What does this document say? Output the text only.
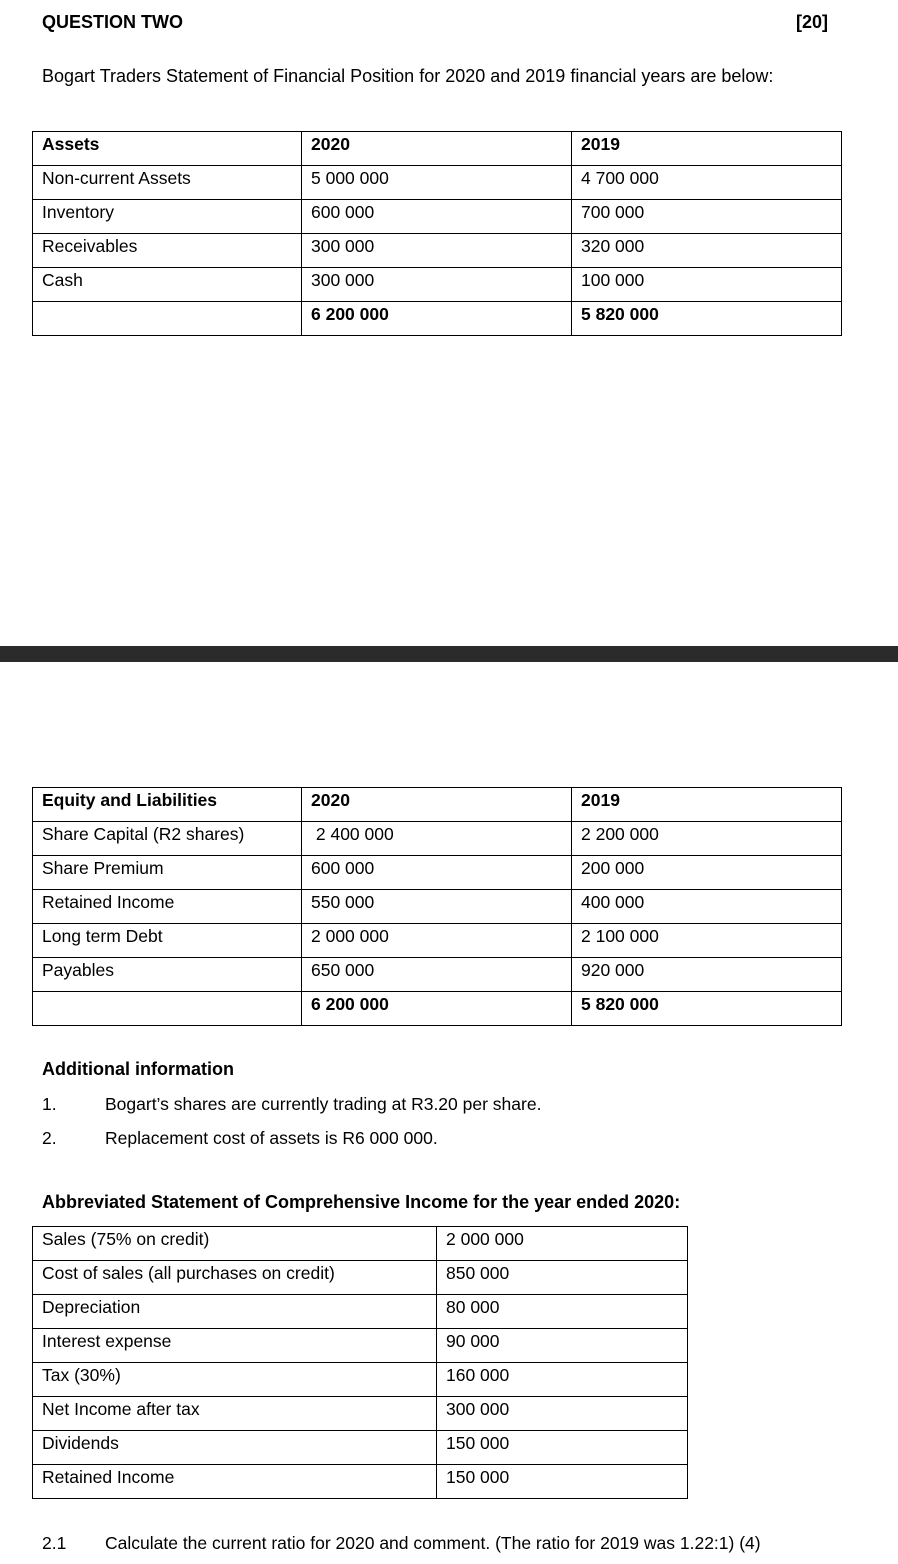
QUESTION TWO	[20]
Bogart Traders Statement of Financial Position for 2020 and 2019 financial years are below:
Assets	2020	2019
Non-current Assets	5 000 000	4 700 000
Inventory	600 000	700 000
Receivables	300 000	320 000
Cash	300 000	100 000
	6 200 000	5 820 000
Equity and Liabilities	2020	2019
Share Capital (R2 shares)	2 400 000	2 200 000
Share Premium	600 000	200 000
Retained Income	550 000	400 000
Long term Debt	2 000 000	2 100 000
Payables	650 000	920 000
	6 200 000	5 820 000
Additional information
1.	Bogart’s shares are currently trading at R3.20 per share.
2.	Replacement cost of assets is R6 000 000.
Abbreviated Statement of Comprehensive Income for the year ended 2020:
Sales (75% on credit)	2 000 000
Cost of sales (all purchases on credit)	850 000
Depreciation	80 000
Interest expense	90 000
Tax (30%)	160 000
Net Income after tax	300 000
Dividends	150 000
Retained Income	150 000
2.1 Calculate the current ratio for 2020 and comment. (The ratio for 2019 was 1.22:1) (4)
